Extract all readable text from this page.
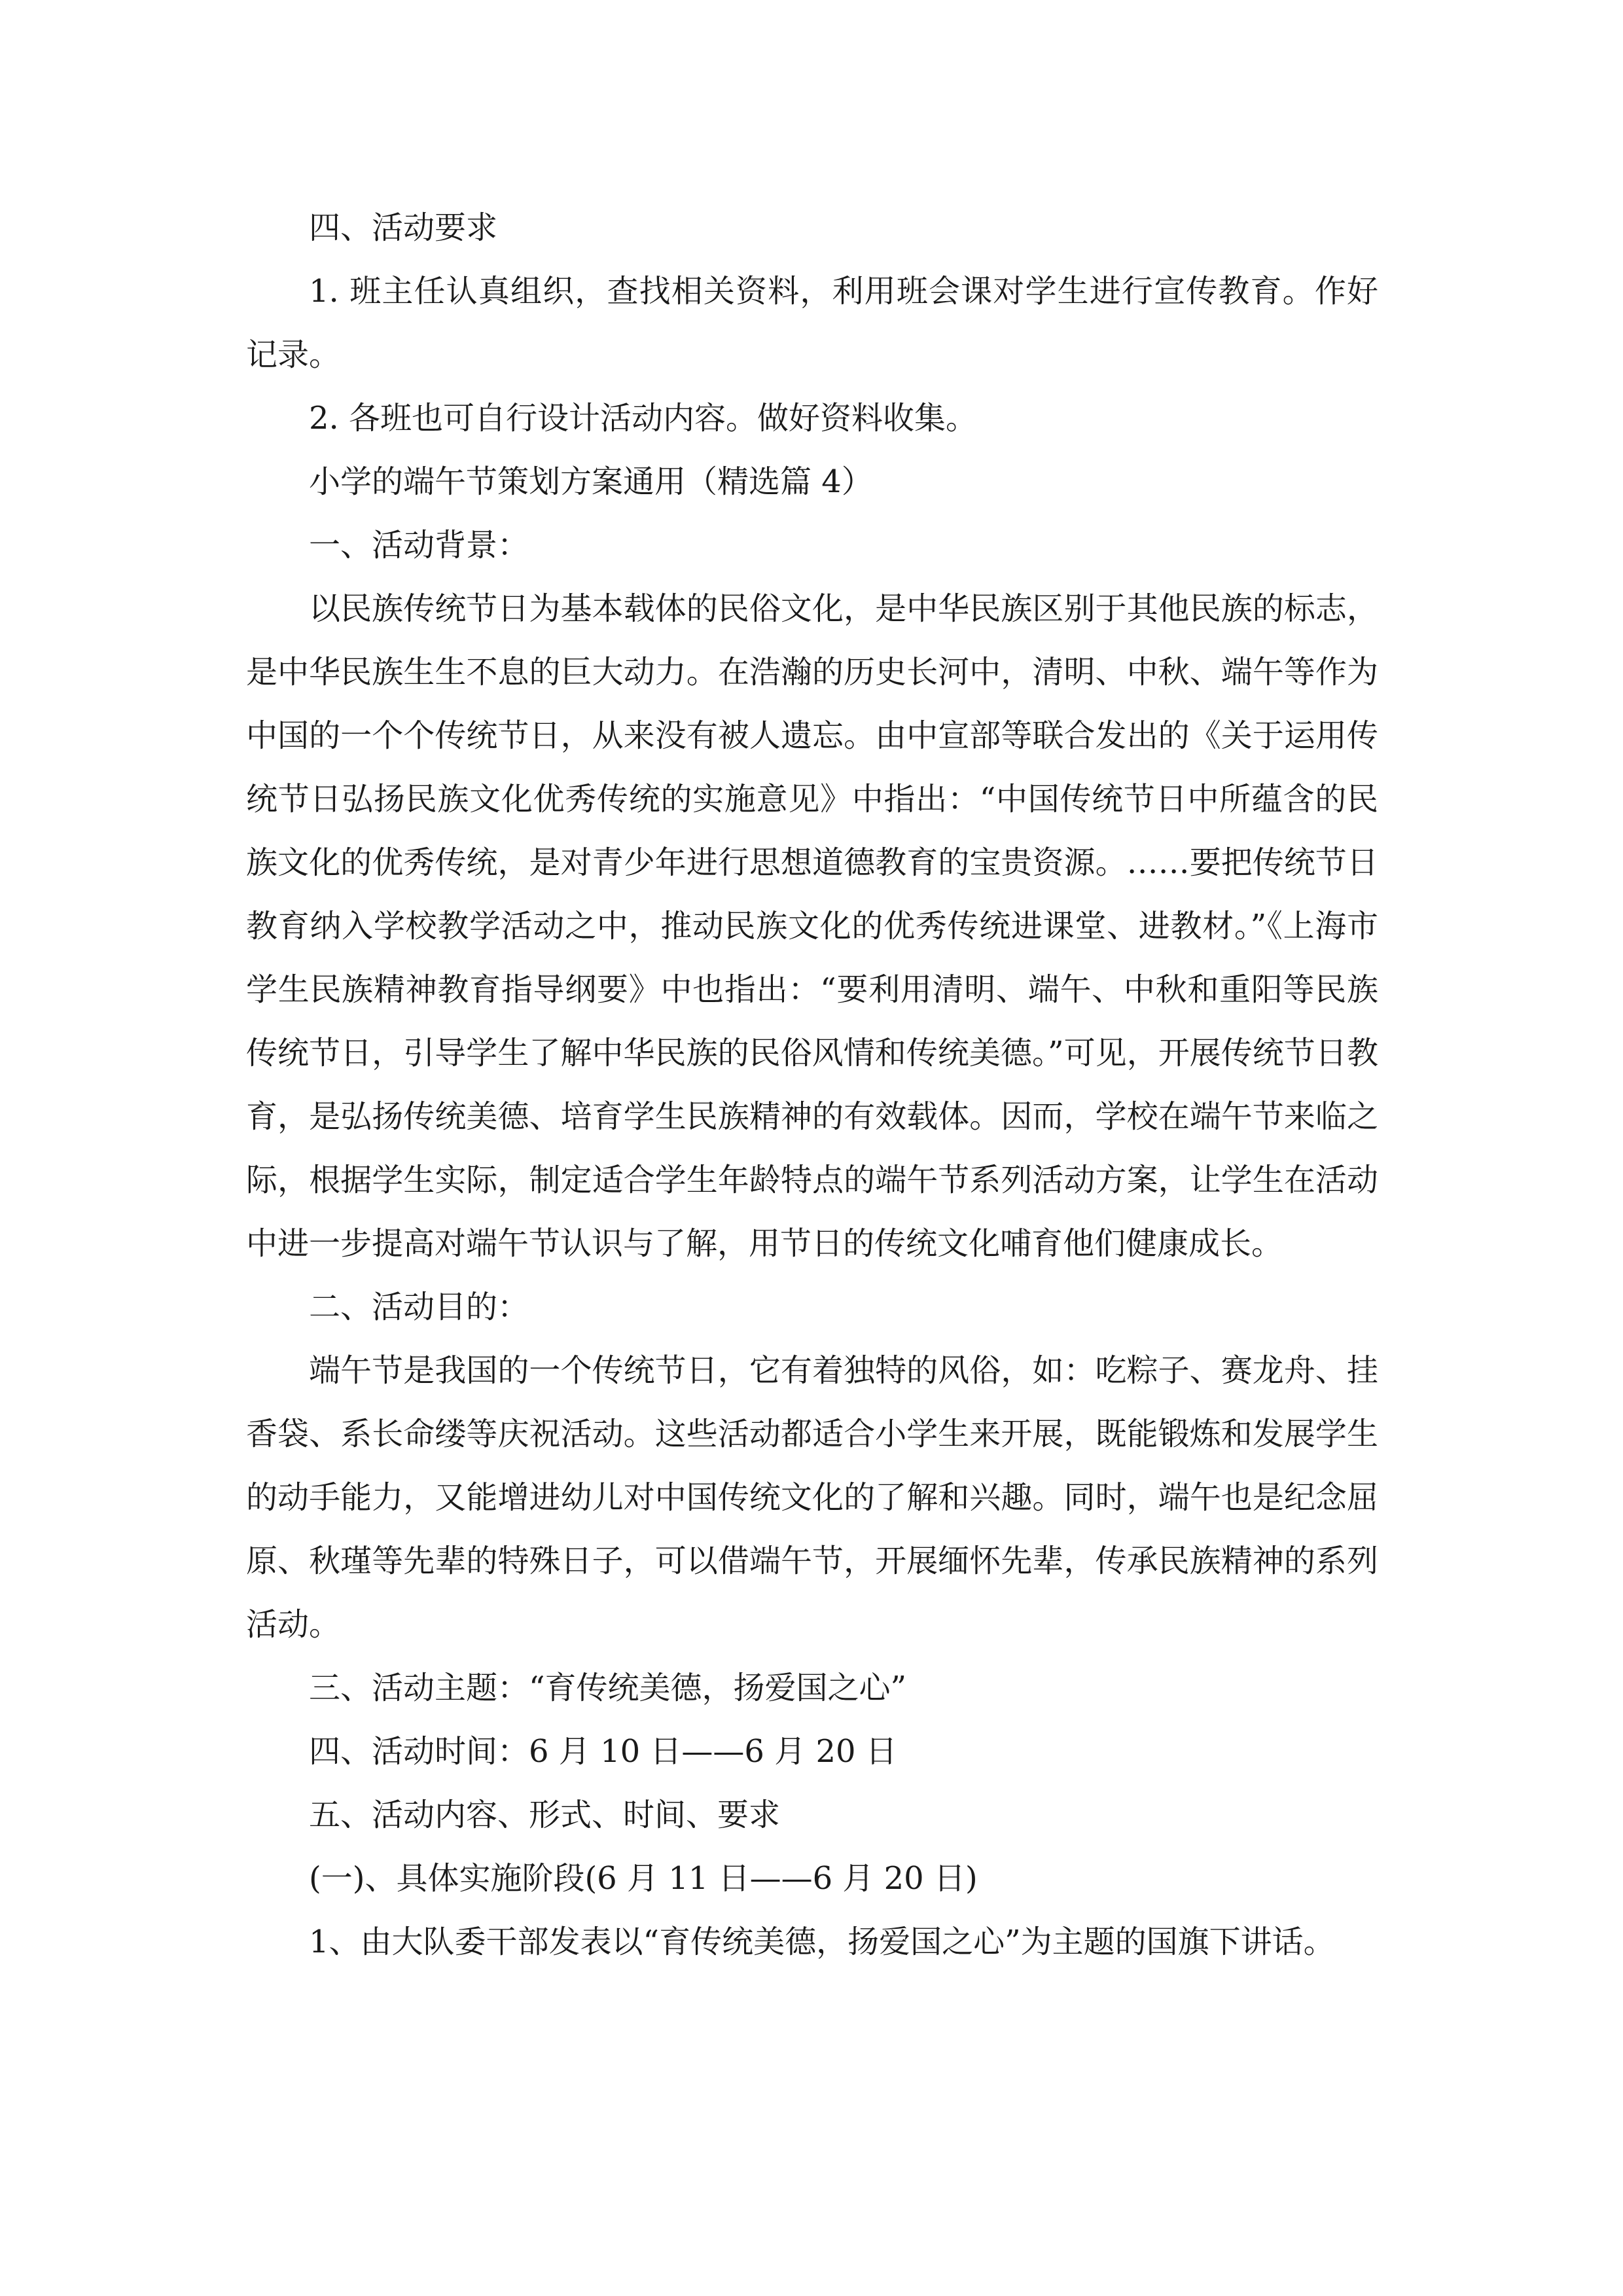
四、活动要求

1. 班主任认真组织，查找相关资料，利用班会课对学生进行宣传教育。作好记录。

2. 各班也可自行设计活动内容。做好资料收集。

小学的端午节策划方案通用（精选篇 4）

一、活动背景：

以民族传统节日为基本载体的民俗文化，是中华民族区别于其他民族的标志，是中华民族生生不息的巨大动力。在浩瀚的历史长河中，清明、中秋、端午等作为中国的一个个传统节日，从来没有被人遗忘。由中宣部等联合发出的《关于运用传统节日弘扬民族文化优秀传统的实施意见》中指出：“中国传统节日中所蕴含的民族文化的优秀传统，是对青少年进行思想道德教育的宝贵资源。……要把传统节日教育纳入学校教学活动之中，推动民族文化的优秀传统进课堂、进教材。”《上海市学生民族精神教育指导纲要》中也指出：“要利用清明、端午、中秋和重阳等民族传统节日，引导学生了解中华民族的民俗风情和传统美德。”可见，开展传统节日教育，是弘扬传统美德、培育学生民族精神的有效载体。因而，学校在端午节来临之际，根据学生实际，制定适合学生年龄特点的端午节系列活动方案，让学生在活动中进一步提高对端午节认识与了解，用节日的传统文化哺育他们健康成长。

二、活动目的：

端午节是我国的一个传统节日，它有着独特的风俗，如：吃粽子、赛龙舟、挂香袋、系长命缕等庆祝活动。这些活动都适合小学生来开展，既能锻炼和发展学生的动手能力，又能增进幼儿对中国传统文化的了解和兴趣。同时，端午也是纪念屈原、秋瑾等先辈的特殊日子，可以借端午节，开展缅怀先辈，传承民族精神的系列活动。

三、活动主题：“育传统美德，扬爱国之心”

四、活动时间：6 月 10 日——6 月 20 日

五、活动内容、形式、时间、要求

(一)、具体实施阶段(6 月 11 日——6 月 20 日)

1、由大队委干部发表以“育传统美德，扬爱国之心”为主题的国旗下讲话。
